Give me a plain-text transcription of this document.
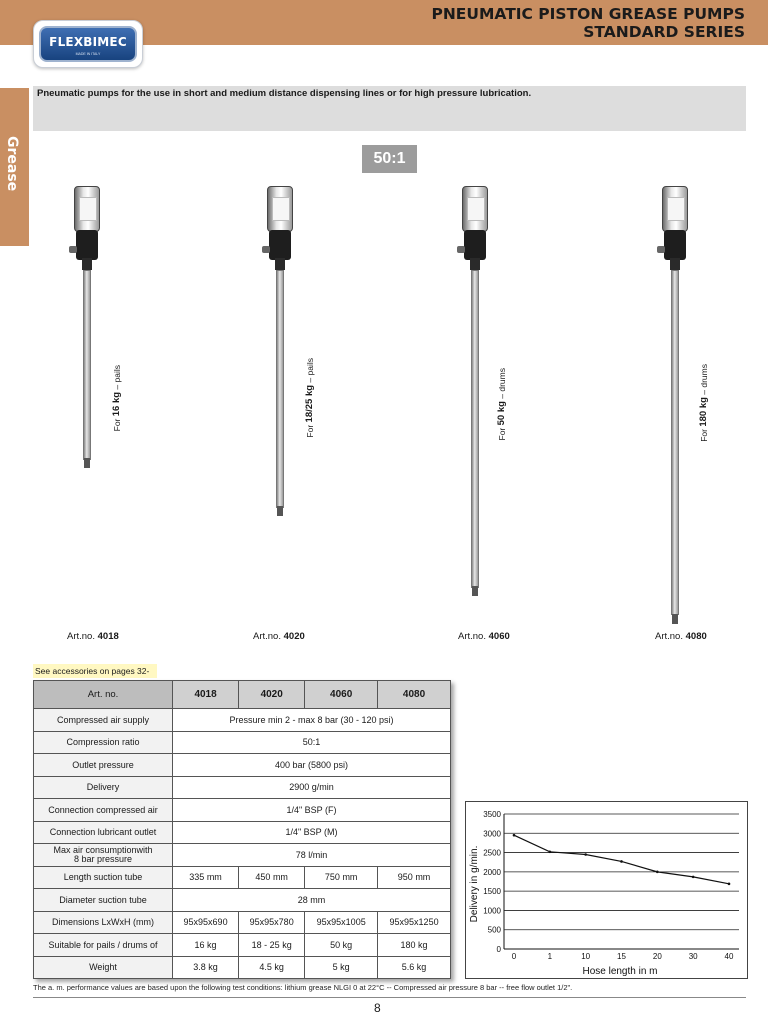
PNEUMATIC PISTON GREASE PUMPS
STANDARD SERIES
FLEXBIMEC
MADE IN ITALY
Grease
Pneumatic pumps for the use in short and medium distance dispensing lines or for high pressure lubrication.
50:1
For 16 kg – pails
For 18/25 kg – pails
For 50 kg – drums
For 180 kg – drums
Art.no. 4018	Art.no. 4020	Art.no. 4060	Art.no. 4080
See accessories on pages 32-
Art. no.	4018	4020	4060	4080
Compressed air supply	Pressure min 2 - max 8 bar (30 - 120 psi)			
Compression ratio	50:1			
Outlet pressure	400 bar (5800 psi)			
Delivery	2900 g/min			
Connection compressed air	1/4" BSP (F)			
Connection lubricant outlet	1/4" BSP (M)			

Max air consumptionwith
8 bar pressure	78 l/min			
Length suction tube	335 mm	450 mm	750 mm	950 mm
Diameter suction tube	28 mm			
Dimensions LxWxH (mm)	95x95x690	95x95x780	95x95x1005	95x95x1250
Suitable for pails / drums of	16 kg	18 - 25 kg	50 kg	180 kg
Weight	3.8 kg	4.5 kg	5 kg	5.6 kg
0
500
1000
1500
2000
2500
3000
3500
0	1	10	15	20	30	40
Delivery in g/min.
Hose length in m
The a. m. performance values are based upon the following test conditions: lithium grease NLGI 0 at 22°C -- Compressed air pressure 8 bar -- free flow outlet 1/2".
8
